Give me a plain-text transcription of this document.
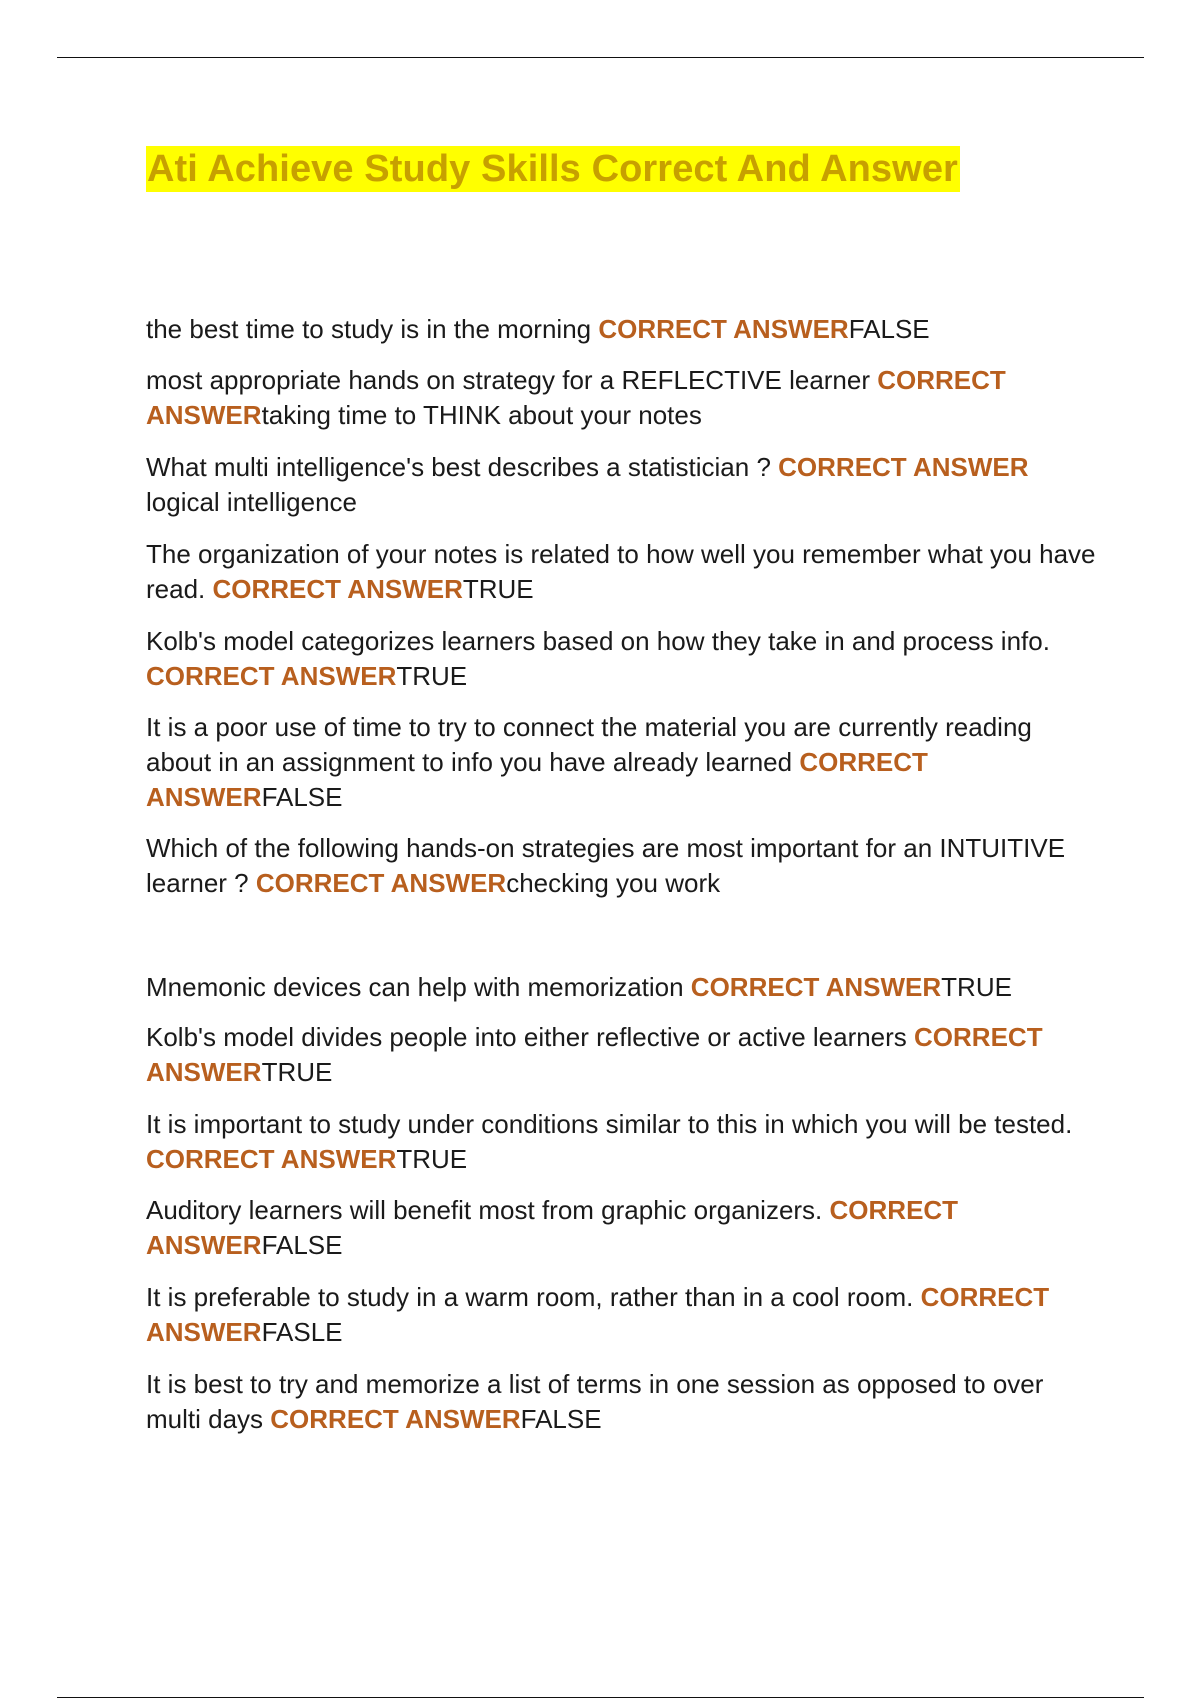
Ati Achieve Study Skills Correct And Answer

the best time to study is in the morning CORRECT ANSWERFALSE

most appropriate hands on strategy for a REFLECTIVE learner CORRECT ANSWERtaking time to THINK about your notes

What multi intelligence's best describes a statistician ? CORRECT ANSWER logical intelligence

The organization of your notes is related to how well you remember what you have read. CORRECT ANSWERTRUE

Kolb's model categorizes learners based on how they take in and process info. CORRECT ANSWERTRUE

It is a poor use of time to try to connect the material you are currently reading about in an assignment to info you have already learned CORRECT ANSWERFALSE

Which of the following hands-on strategies are most important for an INTUITIVE learner ? CORRECT ANSWERchecking you work

Mnemonic devices can help with memorization CORRECT ANSWERTRUE

Kolb's model divides people into either reflective or active learners CORRECT ANSWERTRUE

It is important to study under conditions similar to this in which you will be tested. CORRECT ANSWERTRUE

Auditory learners will benefit most from graphic organizers. CORRECT ANSWERFALSE

It is preferable to study in a warm room, rather than in a cool room. CORRECT ANSWERFASLE

It is best to try and memorize a list of terms in one session as opposed to over multi days CORRECT ANSWERFALSE
